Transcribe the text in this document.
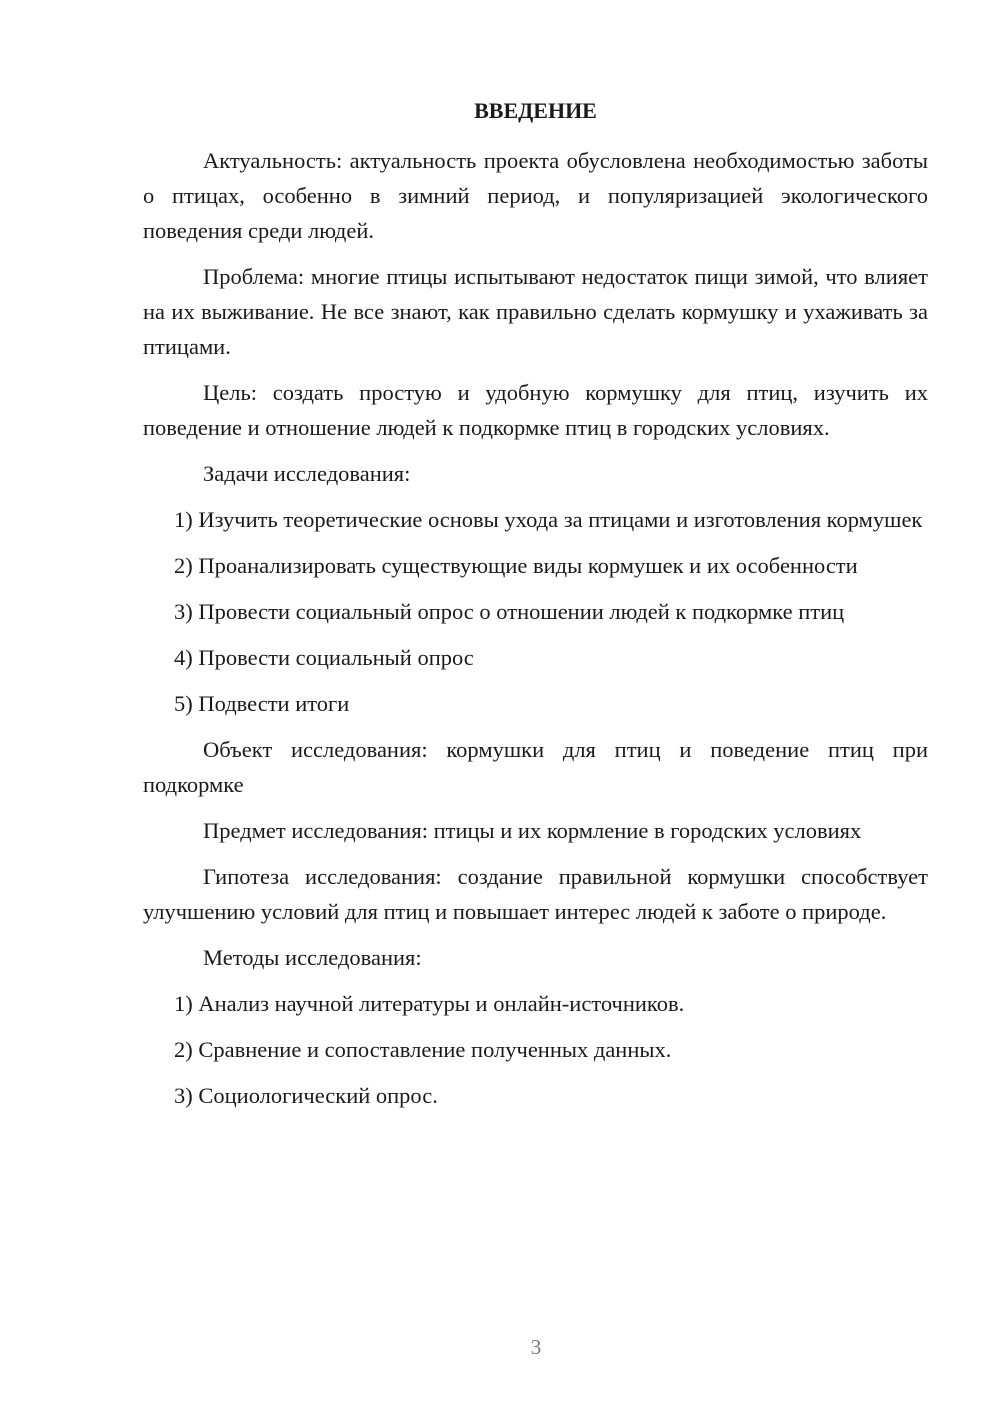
ВВЕДЕНИЕ

Актуальность: актуальность проекта обусловлена необходимостью заботы о птицах, особенно в зимний период, и популяризацией экологического поведения среди людей.

Проблема: многие птицы испытывают недостаток пищи зимой, что влияет на их выживание. Не все знают, как правильно сделать кормушку и ухаживать за птицами.

Цель: создать простую и удобную кормушку для птиц, изучить их поведение и отношение людей к подкормке птиц в городских условиях.

Задачи исследования:

1) Изучить теоретические основы ухода за птицами и изготовления кормушек

2) Проанализировать существующие виды кормушек и их особенности

3) Провести социальный опрос о отношении людей к подкормке птиц

4) Провести социальный опрос

5) Подвести итоги

Объект исследования: кормушки для птиц и поведение птиц при подкормке

Предмет исследования: птицы и их кормление в городских условиях

Гипотеза исследования: создание правильной кормушки способствует улучшению условий для птиц и повышает интерес людей к заботе о природе.

Методы исследования:

1) Анализ научной литературы и онлайн-источников.

2) Сравнение и сопоставление полученных данных.

3) Социологический опрос.

3
